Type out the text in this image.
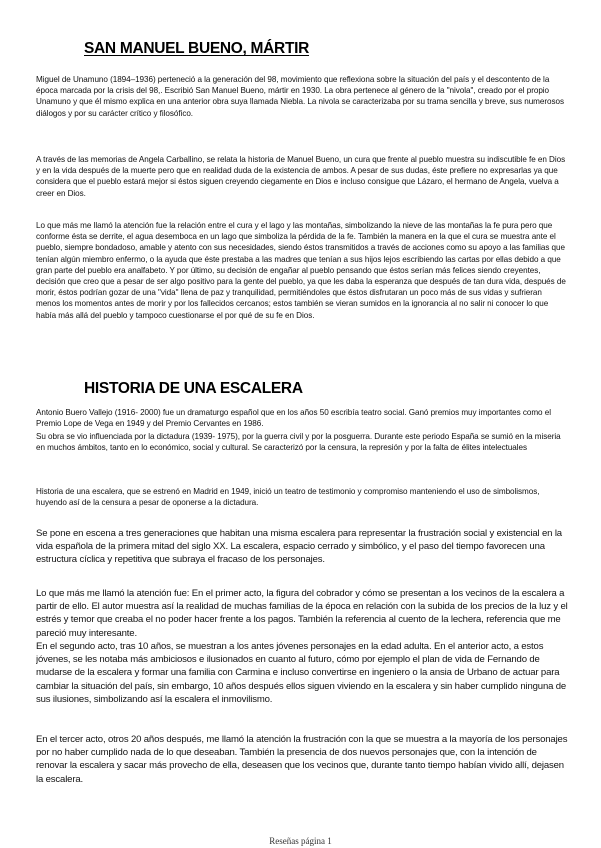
SAN MANUEL BUENO, MÁRTIR

Miguel de Unamuno (1894–1936) perteneció a la generación del 98, movimiento que reflexiona sobre la situación del país y el descontento de la época marcada por la crisis del 98,. Escribió San Manuel Bueno, mártir en 1930. La obra pertenece al género de la "nivola", creado por el propio Unamuno y que él mismo explica en una anterior obra suya llamada Niebla. La nivola se caracterizaba por su trama sencilla y breve, sus numerosos diálogos y por su carácter crítico y filosófico.

A través de las memorias de Angela Carballino, se relata la historia de Manuel Bueno, un cura que frente al pueblo muestra su indiscutible fe en Dios y en la vida después de la muerte pero que en realidad duda de la existencia de ambos. A pesar de sus dudas, éste prefiere no expresarlas ya que considera que el pueblo estará mejor si éstos siguen creyendo ciegamente en Dios e incluso consigue que Lázaro, el hermano de Angela, vuelva a creer en Dios.

Lo que más me llamó la atención fue la relación entre el cura y el lago y las montañas, simbolizando la nieve de las montañas la fe pura pero que conforme ésta se derrite, el agua desemboca en un lago que simboliza la pérdida de la fe. También la manera en la que el cura se muestra ante el pueblo, siempre bondadoso, amable y atento con sus necesidades, siendo éstos transmitidos a través de acciones como su apoyo a las familias que tenían algún miembro enfermo, o la ayuda que éste prestaba a las madres que tenían a sus hijos lejos escribiendo las cartas por ellas debido a que gran parte del pueblo era analfabeto. Y por último, su decisión de engañar al pueblo pensando que éstos serían más felices siendo creyentes, decisión que creo que a pesar de ser algo positivo para la gente del pueblo, ya que les daba la esperanza que después de tan dura vida, después de morir, éstos podrían gozar de una "vida" llena de paz y tranquilidad, permitiéndoles que éstos disfrutaran un poco más de sus vidas y sufrieran menos los momentos antes de morir y por los fallecidos cercanos; estos también se vieran sumidos en la ignorancia al no salir ni conocer lo que había más allá del pueblo y tampoco cuestionarse el por qué de su fe en Dios.

HISTORIA DE UNA ESCALERA

Antonio Buero Vallejo (1916- 2000) fue un dramaturgo español que en los años 50 escribía teatro social. Ganó premios muy importantes como el Premio Lope de Vega en 1949 y del Premio Cervantes en 1986.

Su obra se vio influenciada por la dictadura (1939- 1975), por la guerra civil y por la posguerra. Durante este periodo España se sumió en la miseria en muchos ámbitos, tanto en lo económico, social y cultural. Se caracterizó por la censura, la represión y por la falta de élites intelectuales

Historia de una escalera, que se estrenó en Madrid en 1949, inició un teatro de testimonio y compromiso manteniendo el uso de simbolismos, huyendo así de la censura a pesar de oponerse a la dictadura.

Se pone en escena a tres generaciones que habitan una misma escalera para representar la frustración social y existencial en la vida española de la primera mitad del siglo XX. La escalera, espacio cerrado y simbólico, y el paso del tiempo favorecen una estructura cíclica y repetitiva que subraya el fracaso de los personajes.

Lo que más me llamó la atención fue: En el primer acto, la figura del cobrador y cómo se presentan a los vecinos de la escalera a partir de ello. El autor muestra así la realidad de muchas familias de la época en relación con la subida de los precios de la luz y el estrés y temor que creaba el no poder hacer frente a los pagos. También la referencia al cuento de la lechera, referencia que me pareció muy interesante.

En el segundo acto, tras 10 años, se muestran a los antes jóvenes personajes en la edad adulta. En el anterior acto, a estos jóvenes, se les notaba más ambiciosos e ilusionados en cuanto al futuro, cómo por ejemplo el plan de vida de Fernando de mudarse de la escalera y formar una familia con Carmina e incluso convertirse en ingeniero o la ansia de Urbano de actuar para cambiar la situación del país, sin embargo, 10 años después ellos siguen viviendo en la escalera y sin haber cumplido ninguna de sus ilusiones, simbolizando así la escalera el inmovilismo.

En el tercer acto, otros 20 años después, me llamó la atención la frustración con la que se muestra a la mayoría de los personajes por no haber cumplido nada de lo que deseaban. También la presencia de dos nuevos personajes que, con la intención de renovar la escalera y sacar más provecho de ella, deseasen que los vecinos que, durante tanto tiempo habían vivido allí, dejasen la escalera.

Reseñas página 1
